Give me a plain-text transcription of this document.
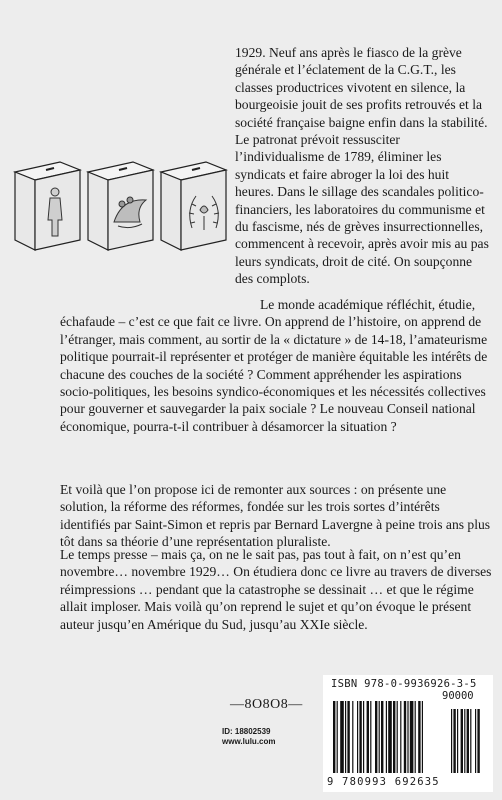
1929. Neuf ans après le fiasco de la grève générale et l’éclatement de la C.G.T., les classes productrices vivotent en silence, la bourgeoisie jouit de ses profits retrouvés et la société française baigne enfin dans la stabilité. Le patronat prévoit ressusciter l’individualisme de 1789, éliminer les syndicats et faire abroger la loi des huit heures. Dans le sillage des scandales politico-financiers, les laboratoires du communisme et du fascisme, nés de grèves insurrectionnelles, commencent à recevoir, après avoir mis au pas leurs syndicats, droit de cité. On soupçonne des complots.

Le monde académique réfléchit, étudie, échafaude – c’est ce que fait ce livre. On apprend de l’histoire, on apprend de l’étranger, mais comment, au sortir de la « dictature » de 14-18, l’amateurisme politique pourrait-il représenter et protéger de manière équitable les intérêts de chacune des couches de la société ? Comment appréhender les aspirations socio-politiques, les besoins syndico-économiques et les nécessités collectives pour gouverner et sauvegarder la paix sociale ? Le nouveau Conseil national économique, pourra-t-il contribuer à désamorcer la situation ?

Et voilà que l’on propose ici de remonter aux sources : on présente une solution, la réforme des réformes, fondée sur les trois sortes d’intérêts identifiés par Saint-Simon et repris par Bernard Lavergne à peine trois ans plus tôt dans sa théorie d’une représentation pluraliste.

Le temps presse – mais ça, on ne le sait pas, pas tout à fait, on n’est qu’en novembre… novembre 1929… On étudiera donc ce livre au travers de diverses réimpressions … pendant que la catastrophe se dessinait … et que le régime allait imploser. Mais voilà qu’on reprend le sujet et qu’on évoque le présent auteur jusqu’en Amérique du Sud, jusqu’au XXIe siècle.

—8O8O8—
ID: 18802539
www.lulu.com
ISBN 978-0-9936926-3-5
90000
9 780993 692635
